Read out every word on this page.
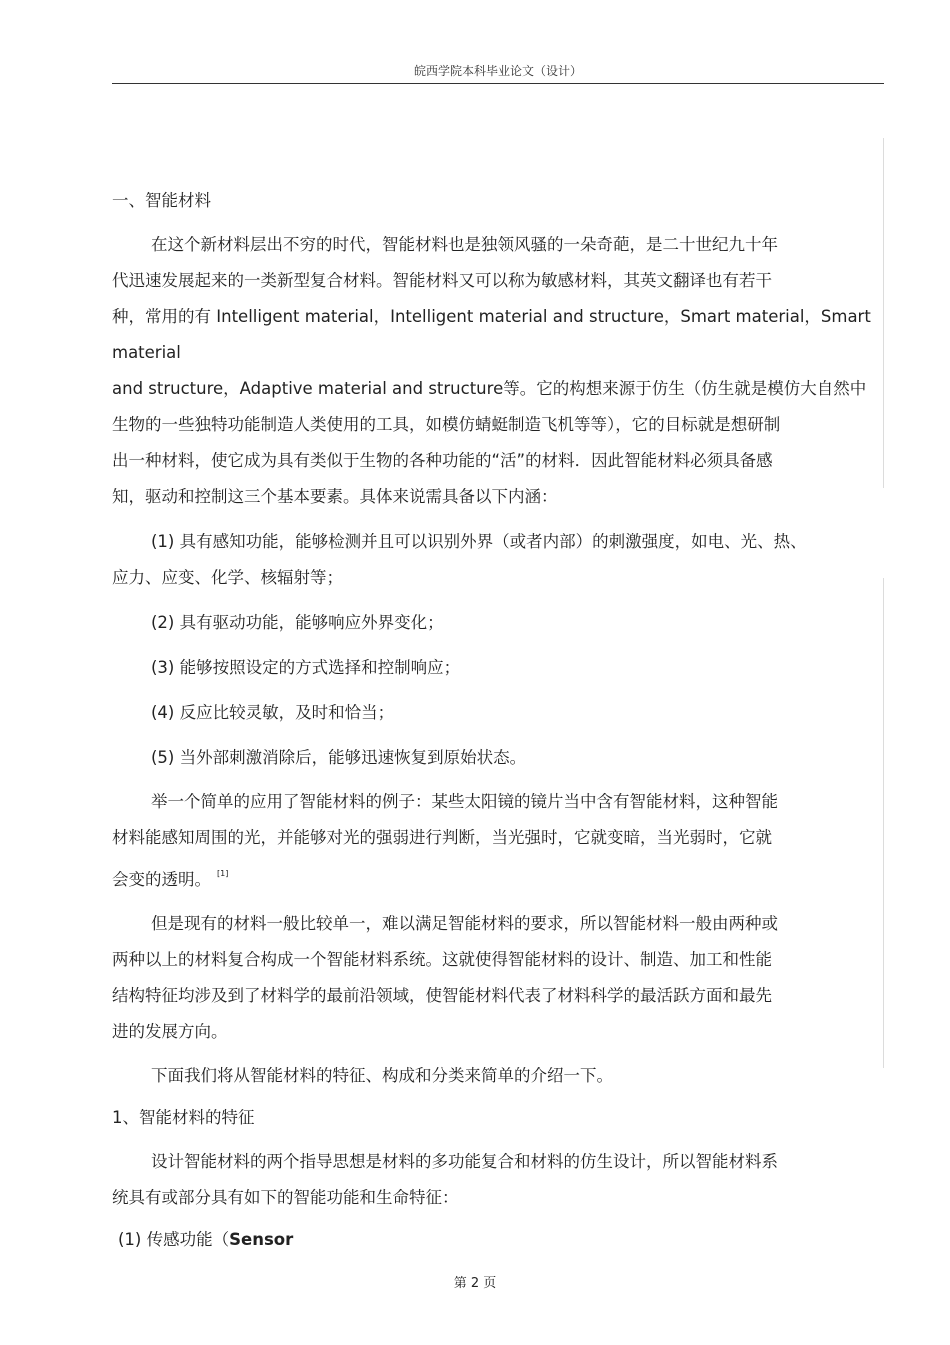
皖西学院本科毕业论文（设计）

一、智能材料

在这个新材料层出不穷的时代，智能材料也是独领风骚的一朵奇葩，是二十世纪九十年

代迅速发展起来的一类新型复合材料。智能材料又可以称为敏感材料，其英文翻译也有若干

种，常用的有 Intelligent material，Intelligent material and structure，Smart material，Smart material

and structure，Adaptive material and structure等。它的构想来源于仿生（仿生就是模仿大自然中

生物的一些独特功能制造人类使用的工具，如模仿蜻蜓制造飞机等等），它的目标就是想研制

出一种材料，使它成为具有类似于生物的各种功能的“活”的材料．因此智能材料必须具备感

知，驱动和控制这三个基本要素。具体来说需具备以下内涵：

(1) 具有感知功能，能够检测并且可以识别外界（或者内部）的刺激强度，如电、光、热、

应力、应变、化学、核辐射等；

(2) 具有驱动功能，能够响应外界变化；

(3) 能够按照设定的方式选择和控制响应；

(4) 反应比较灵敏，及时和恰当；

(5) 当外部刺激消除后，能够迅速恢复到原始状态。

举一个简单的应用了智能材料的例子：某些太阳镜的镜片当中含有智能材料，这种智能

材料能感知周围的光，并能够对光的强弱进行判断，当光强时，它就变暗，当光弱时，它就

会变的透明。 [1]

但是现有的材料一般比较单一，难以满足智能材料的要求，所以智能材料一般由两种或

两种以上的材料复合构成一个智能材料系统。这就使得智能材料的设计、制造、加工和性能

结构特征均涉及到了材料学的最前沿领域，使智能材料代表了材料科学的最活跃方面和最先

进的发展方向。

下面我们将从智能材料的特征、构成和分类来简单的介绍一下。

1、智能材料的特征

设计智能材料的两个指导思想是材料的多功能复合和材料的仿生设计，所以智能材料系

统具有或部分具有如下的智能功能和生命特征：

(1) 传感功能（Sensor

第 2 页
